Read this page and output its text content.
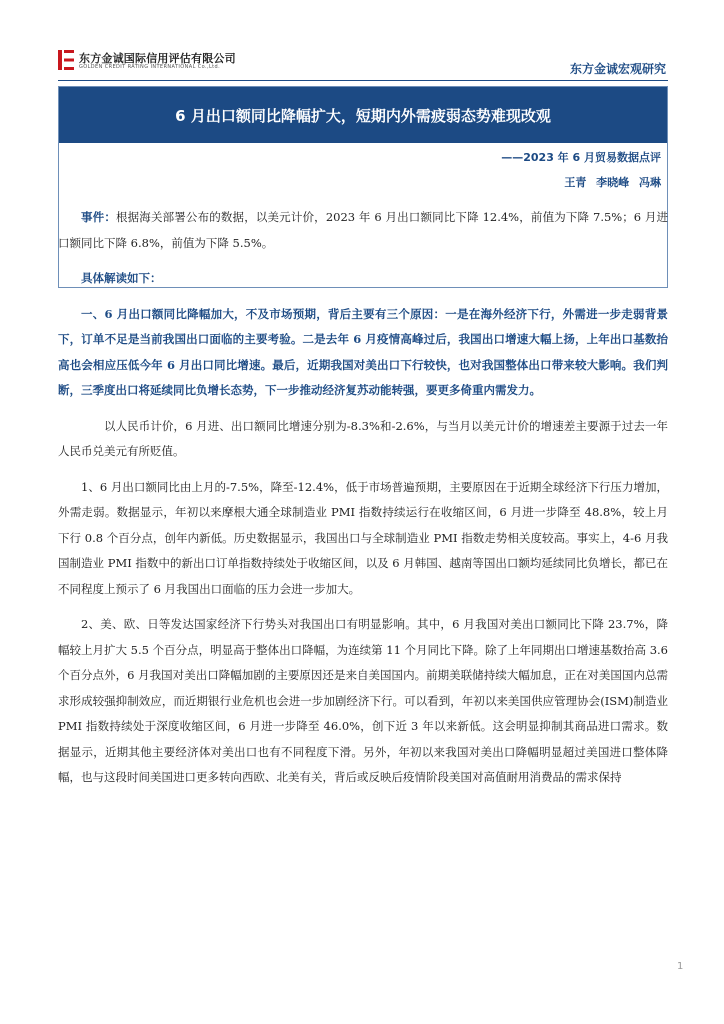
东方金诚国际信用评估有限公司
GOLDEN CREDIT RATING INTERNATIONAL Co.,Ltd.	东方金诚宏观研究
6 月出口额同比降幅扩大，短期内外需疲弱态势难现改观
——2023 年 6 月贸易数据点评
王青 李晓峰 冯琳

事件：根据海关部署公布的数据，以美元计价，2023 年 6 月出口额同比下降 12.4%，前值为下降 7.5%；6 月进口额同比下降 6.8%，前值为下降 5.5%。

具体解读如下：

一、6 月出口额同比降幅加大，不及市场预期，背后主要有三个原因：一是在海外经济下行，外需进一步走弱背景下，订单不足是当前我国出口面临的主要考验。二是去年 6 月疫情高峰过后，我国出口增速大幅上扬，上年出口基数抬高也会相应压低今年 6 月出口同比增速。最后，近期我国对美出口下行较快，也对我国整体出口带来较大影响。我们判断，三季度出口将延续同比负增长态势，下一步推动经济复苏动能转强，要更多倚重内需发力。

以人民币计价，6 月进、出口额同比增速分别为-8.3%和-2.6%，与当月以美元计价的增速差主要源于过去一年人民币兑美元有所贬值。

1、6 月出口额同比由上月的-7.5%，降至-12.4%，低于市场普遍预期，主要原因在于近期全球经济下行压力增加，外需走弱。数据显示，年初以来摩根大通全球制造业 PMI 指数持续运行在收缩区间，6 月进一步降至 48.8%，较上月下行 0.8 个百分点，创年内新低。历史数据显示，我国出口与全球制造业 PMI 指数走势相关度较高。事实上，4-6 月我国制造业 PMI 指数中的新出口订单指数持续处于收缩区间，以及 6 月韩国、越南等国出口额均延续同比负增长，都已在不同程度上预示了 6 月我国出口面临的压力会进一步加大。

2、美、欧、日等发达国家经济下行势头对我国出口有明显影响。其中，6 月我国对美出口额同比下降 23.7%，降幅较上月扩大 5.5 个百分点，明显高于整体出口降幅，为连续第 11 个月同比下降。除了上年同期出口增速基数抬高 3.6 个百分点外，6 月我国对美出口降幅加剧的主要原因还是来自美国国内。前期美联储持续大幅加息，正在对美国国内总需求形成较强抑制效应，而近期银行业危机也会进一步加剧经济下行。可以看到，年初以来美国供应管理协会(ISM)制造业 PMI 指数持续处于深度收缩区间，6 月进一步降至 46.0%，创下近 3 年以来新低。这会明显抑制其商品进口需求。数据显示，近期其他主要经济体对美出口也有不同程度下滑。另外，年初以来我国对美出口降幅明显超过美国进口整体降幅，也与这段时间美国进口更多转向西欧、北美有关，背后或反映后疫情阶段美国对高值耐用消费品的需求保持

1
